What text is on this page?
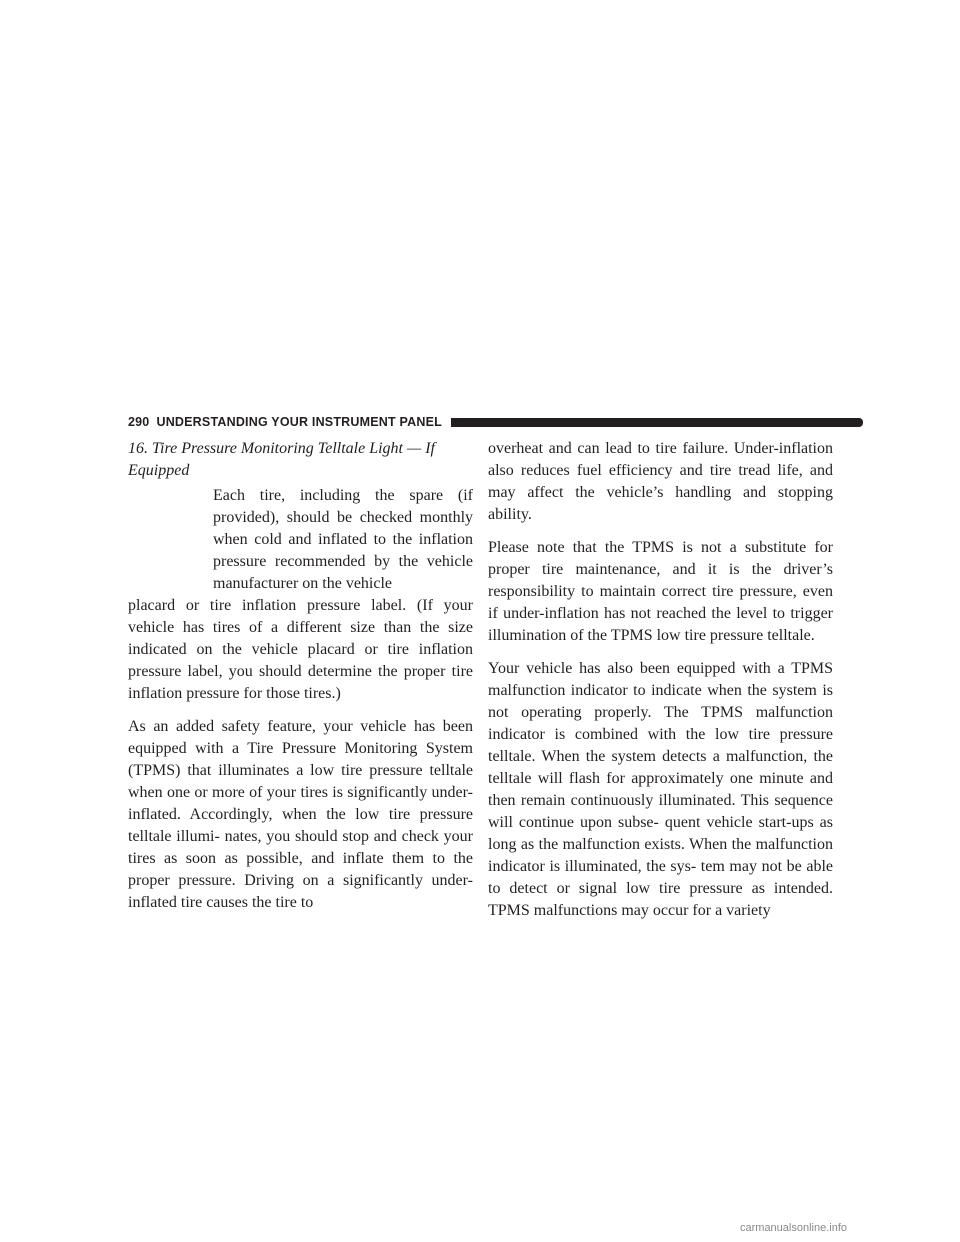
290 UNDERSTANDING YOUR INSTRUMENT PANEL
16. Tire Pressure Monitoring Telltale Light — If
Equipped
Each tire, including the spare (if provided), should be checked monthly when cold and inflated to the inflation pressure recommended by the vehicle manufacturer on the vehicle

placard or tire inflation pressure label. (If your vehicle has tires of a different size than the size indicated on the vehicle placard or tire inflation pressure label, you should determine the proper tire inflation pressure for those tires.)

As an added safety feature, your vehicle has been equipped with a Tire Pressure Monitoring System (TPMS) that illuminates a low tire pressure telltale when one or more of your tires is significantly under-inflated. Accordingly, when the low tire pressure telltale illumi- nates, you should stop and check your tires as soon as possible, and inflate them to the proper pressure. Driving on a significantly under-inflated tire causes the tire to

overheat and can lead to tire failure. Under-inflation also reduces fuel efficiency and tire tread life, and may affect the vehicle’s handling and stopping ability.

Please note that the TPMS is not a substitute for proper tire maintenance, and it is the driver’s responsibility to maintain correct tire pressure, even if under-inflation has not reached the level to trigger illumination of the TPMS low tire pressure telltale.

Your vehicle has also been equipped with a TPMS malfunction indicator to indicate when the system is not operating properly. The TPMS malfunction indicator is combined with the low tire pressure telltale. When the system detects a malfunction, the telltale will flash for approximately one minute and then remain continuously illuminated. This sequence will continue upon subse- quent vehicle start-ups as long as the malfunction exists. When the malfunction indicator is illuminated, the sys- tem may not be able to detect or signal low tire pressure as intended. TPMS malfunctions may occur for a variety

carmanualsonline.info
